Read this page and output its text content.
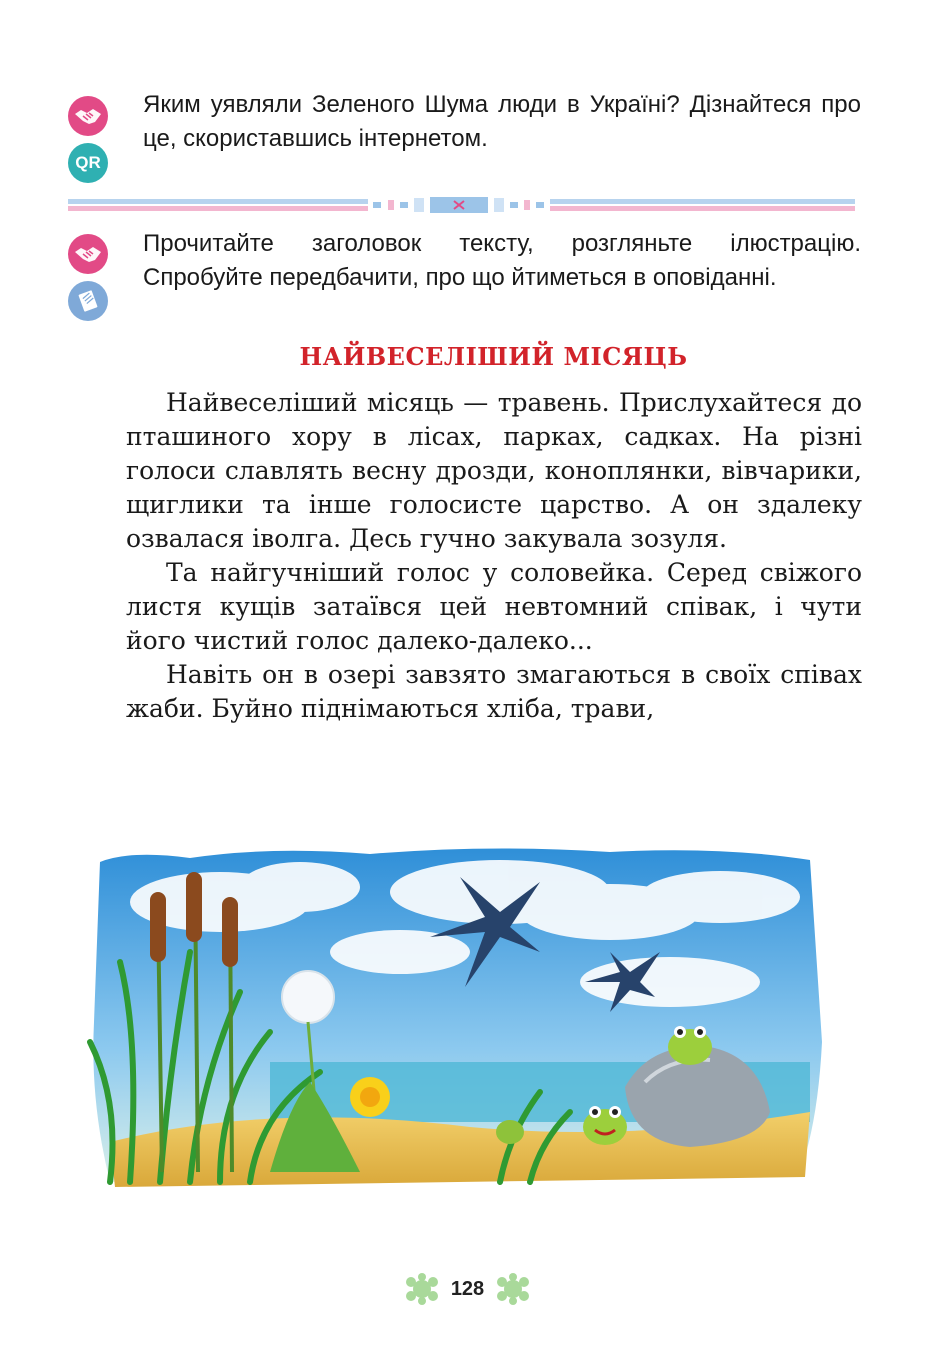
QR
Яким уявляли Зеленого Шума люди в Україні? Дізнайтеся про це, скориставшись інтернетом.
Прочитайте заголовок тексту, розгляньте ілюстрацію. Спробуйте передбачити, про що йтиметься в оповіданні.
НАЙВЕСЕЛІШИЙ МІСЯЦЬ

Найвеселіший місяць — травень. Прислухайтеся до пташиного хору в лісах, парках, садках. На різні голоси славлять весну дрозди, коноплянки, вівчарики, щиглики та інше голосисте царство. А он здалеку озвалася іволга. Десь гучно закувала зозуля.

Та найгучніший голос у соловейка. Серед свіжого листя кущів затаївся цей невтомний співак, і чути його чистий голос далеко-далеко...

Навіть он в озері завзято змагаються в своїх співах жаби. Буйно піднімаються хліба, трави,

128
